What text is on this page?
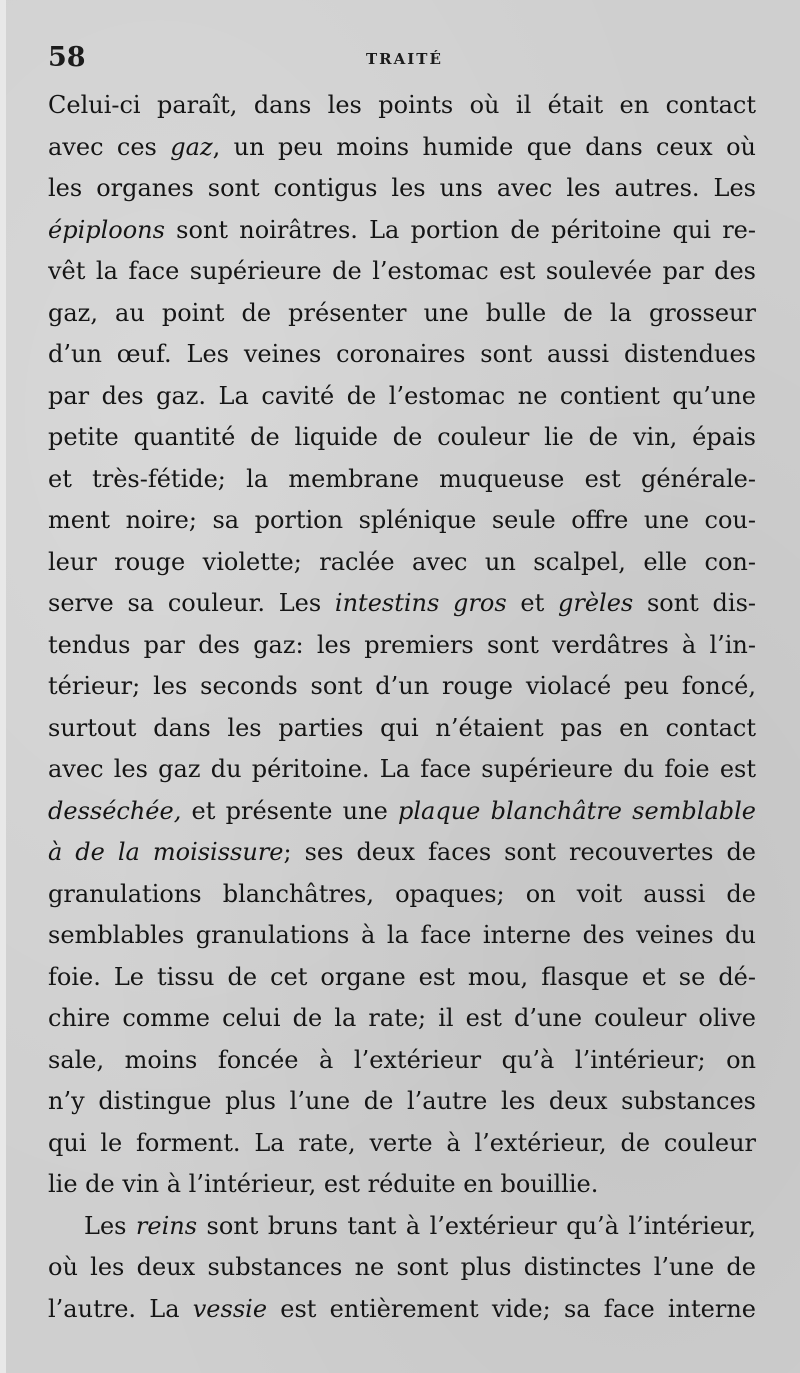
58	TRAITÉ
Celui-ci paraît, dans les points où il était en contact
avec ces gaz, un peu moins humide que dans ceux où
les organes sont contigus les uns avec les autres. Les
épiploons sont noirâtres. La portion de péritoine qui re-
vêt la face supérieure de l’estomac est soulevée par des
gaz, au point de présenter une bulle de la grosseur
d’un œuf. Les veines coronaires sont aussi distendues
par des gaz. La cavité de l’estomac ne contient qu’une
petite quantité de liquide de couleur lie de vin, épais
et très-fétide; la membrane muqueuse est générale-
ment noire; sa portion splénique seule offre une cou-
leur rouge violette; raclée avec un scalpel, elle con-
serve sa couleur. Les intestins gros et grèles sont dis-
tendus par des gaz: les premiers sont verdâtres à l’in-
térieur; les seconds sont d’un rouge violacé peu foncé,
surtout dans les parties qui n’étaient pas en contact
avec les gaz du péritoine. La face supérieure du foie est
desséchée, et présente une plaque blanchâtre semblable
à de la moisissure; ses deux faces sont recouvertes de
granulations blanchâtres, opaques; on voit aussi de
semblables granulations à la face interne des veines du
foie. Le tissu de cet organe est mou, flasque et se dé-
chire comme celui de la rate; il est d’une couleur olive
sale, moins foncée à l’extérieur qu’à l’intérieur; on
n’y distingue plus l’une de l’autre les deux substances
qui le forment. La rate, verte à l’extérieur, de couleur
lie de vin à l’intérieur, est réduite en bouillie.
Les reins sont bruns tant à l’extérieur qu’à l’intérieur,
où les deux substances ne sont plus distinctes l’une de
l’autre. La vessie est entièrement vide; sa face interne
